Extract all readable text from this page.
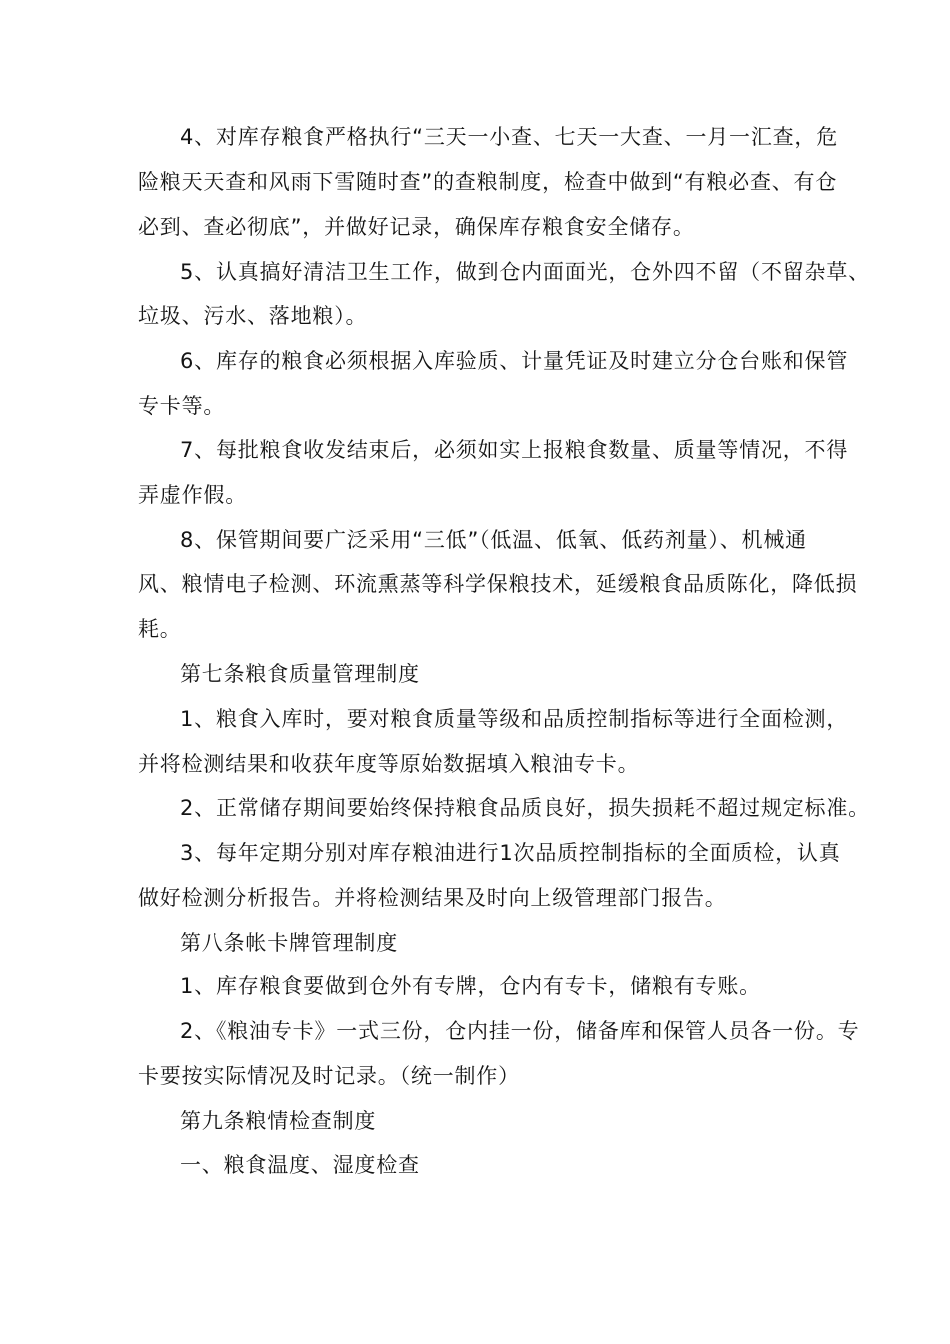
4、对库存粮食严格执行“三天一小查、七天一大查、一月一汇查，危
险粮天天查和风雨下雪随时查”的查粮制度，检查中做到“有粮必查、有仓
必到、查必彻底”，并做好记录，确保库存粮食安全储存。
5、认真搞好清洁卫生工作，做到仓内面面光，仓外四不留（不留杂草、
垃圾、污水、落地粮）。
6、库存的粮食必须根据入库验质、计量凭证及时建立分仓台账和保管
专卡等。
7、每批粮食收发结束后，必须如实上报粮食数量、质量等情况，不得
弄虚作假。
8、保管期间要广泛采用“三低”（低温、低氧、低药剂量）、机械通
风、粮情电子检测、环流熏蒸等科学保粮技术，延缓粮食品质陈化，降低损
耗。
第七条粮食质量管理制度
1、粮食入库时，要对粮食质量等级和品质控制指标等进行全面检测，
并将检测结果和收获年度等原始数据填入粮油专卡。
2、正常储存期间要始终保持粮食品质良好，损失损耗不超过规定标准。
3、每年定期分别对库存粮油进行1次品质控制指标的全面质检，认真
做好检测分析报告。并将检测结果及时向上级管理部门报告。
第八条帐卡牌管理制度
1、库存粮食要做到仓外有专牌，仓内有专卡，储粮有专账。
2、《粮油专卡》一式三份，仓内挂一份，储备库和保管人员各一份。专
卡要按实际情况及时记录。（统一制作）
第九条粮情检查制度
一、粮食温度、湿度检查
